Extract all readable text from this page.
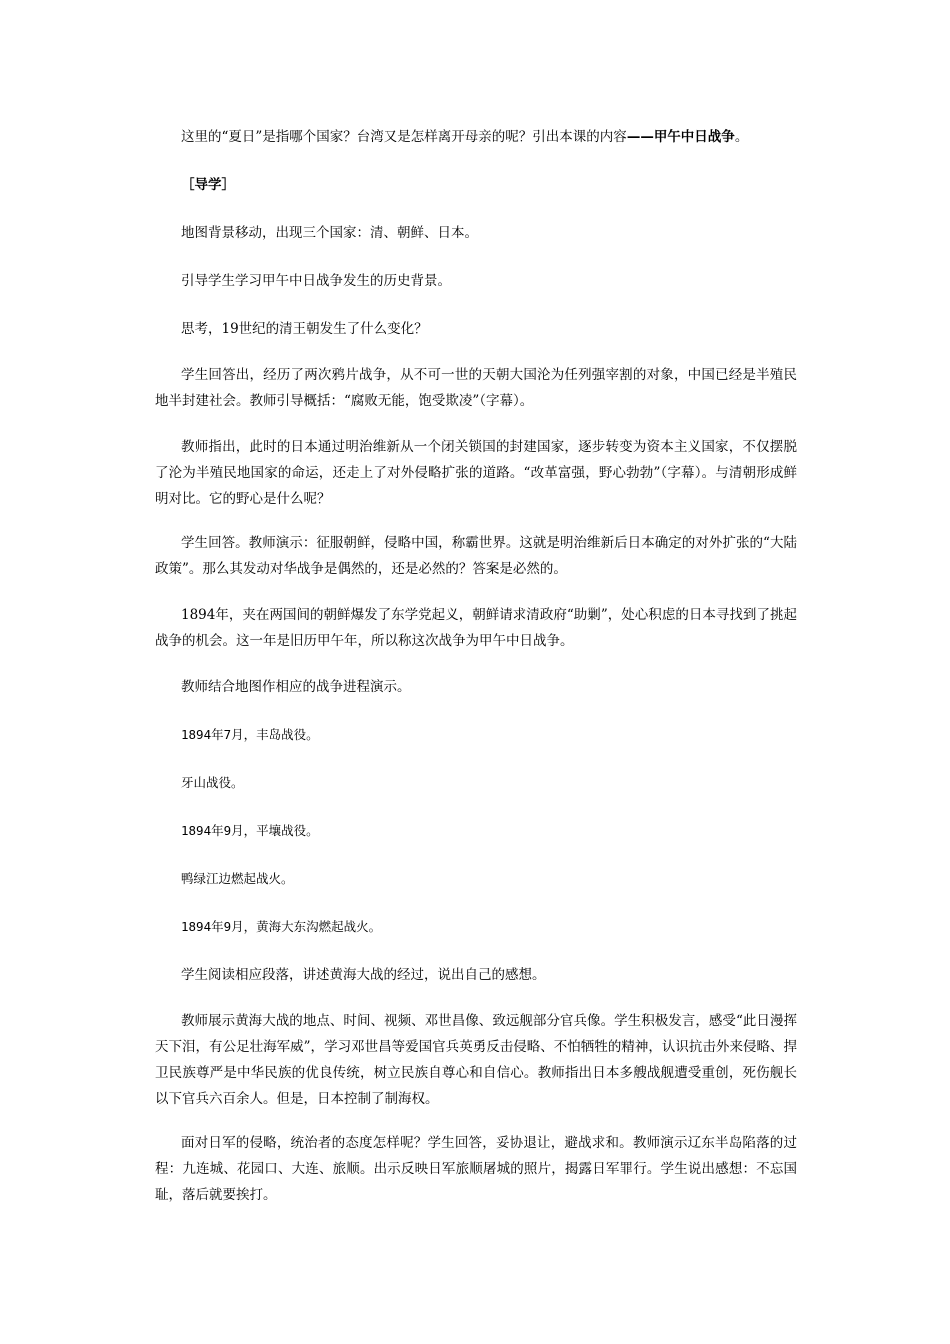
这里的“夏日”是指哪个国家？台湾又是怎样离开母亲的呢？引出本课的内容——甲午中日战争。

［导学］

地图背景移动，出现三个国家：清、朝鲜、日本。

引导学生学习甲午中日战争发生的历史背景。

思考，19世纪的清王朝发生了什么变化？

学生回答出，经历了两次鸦片战争，从不可一世的天朝大国沦为任列强宰割的对象，中国已经是半殖民地半封建社会。教师引导概括：“腐败无能，饱受欺凌”（字幕）。

教师指出，此时的日本通过明治维新从一个闭关锁国的封建国家，逐步转变为资本主义国家，不仅摆脱了沦为半殖民地国家的命运，还走上了对外侵略扩张的道路。“改革富强，野心勃勃”（字幕）。与清朝形成鲜明对比。它的野心是什么呢？

学生回答。教师演示：征服朝鲜，侵略中国，称霸世界。这就是明治维新后日本确定的对外扩张的“大陆政策”。那么其发动对华战争是偶然的，还是必然的？答案是必然的。

1894年，夹在两国间的朝鲜爆发了东学党起义，朝鲜请求清政府“助剿”，处心积虑的日本寻找到了挑起战争的机会。这一年是旧历甲午年，所以称这次战争为甲午中日战争。

教师结合地图作相应的战争进程演示。

1894年7月，丰岛战役。

牙山战役。

1894年9月，平壤战役。

鸭绿江边燃起战火。

1894年9月，黄海大东沟燃起战火。

学生阅读相应段落，讲述黄海大战的经过，说出自己的感想。

教师展示黄海大战的地点、时间、视频、邓世昌像、致远舰部分官兵像。学生积极发言，感受“此日漫挥天下泪，有公足壮海军威”，学习邓世昌等爱国官兵英勇反击侵略、不怕牺牲的精神，认识抗击外来侵略、捍卫民族尊严是中华民族的优良传统，树立民族自尊心和自信心。教师指出日本多艘战舰遭受重创，死伤舰长以下官兵六百余人。但是，日本控制了制海权。

面对日军的侵略，统治者的态度怎样呢？学生回答，妥协退让，避战求和。教师演示辽东半岛陷落的过程：九连城、花园口、大连、旅顺。出示反映日军旅顺屠城的照片，揭露日军罪行。学生说出感想：不忘国耻，落后就要挨打。
